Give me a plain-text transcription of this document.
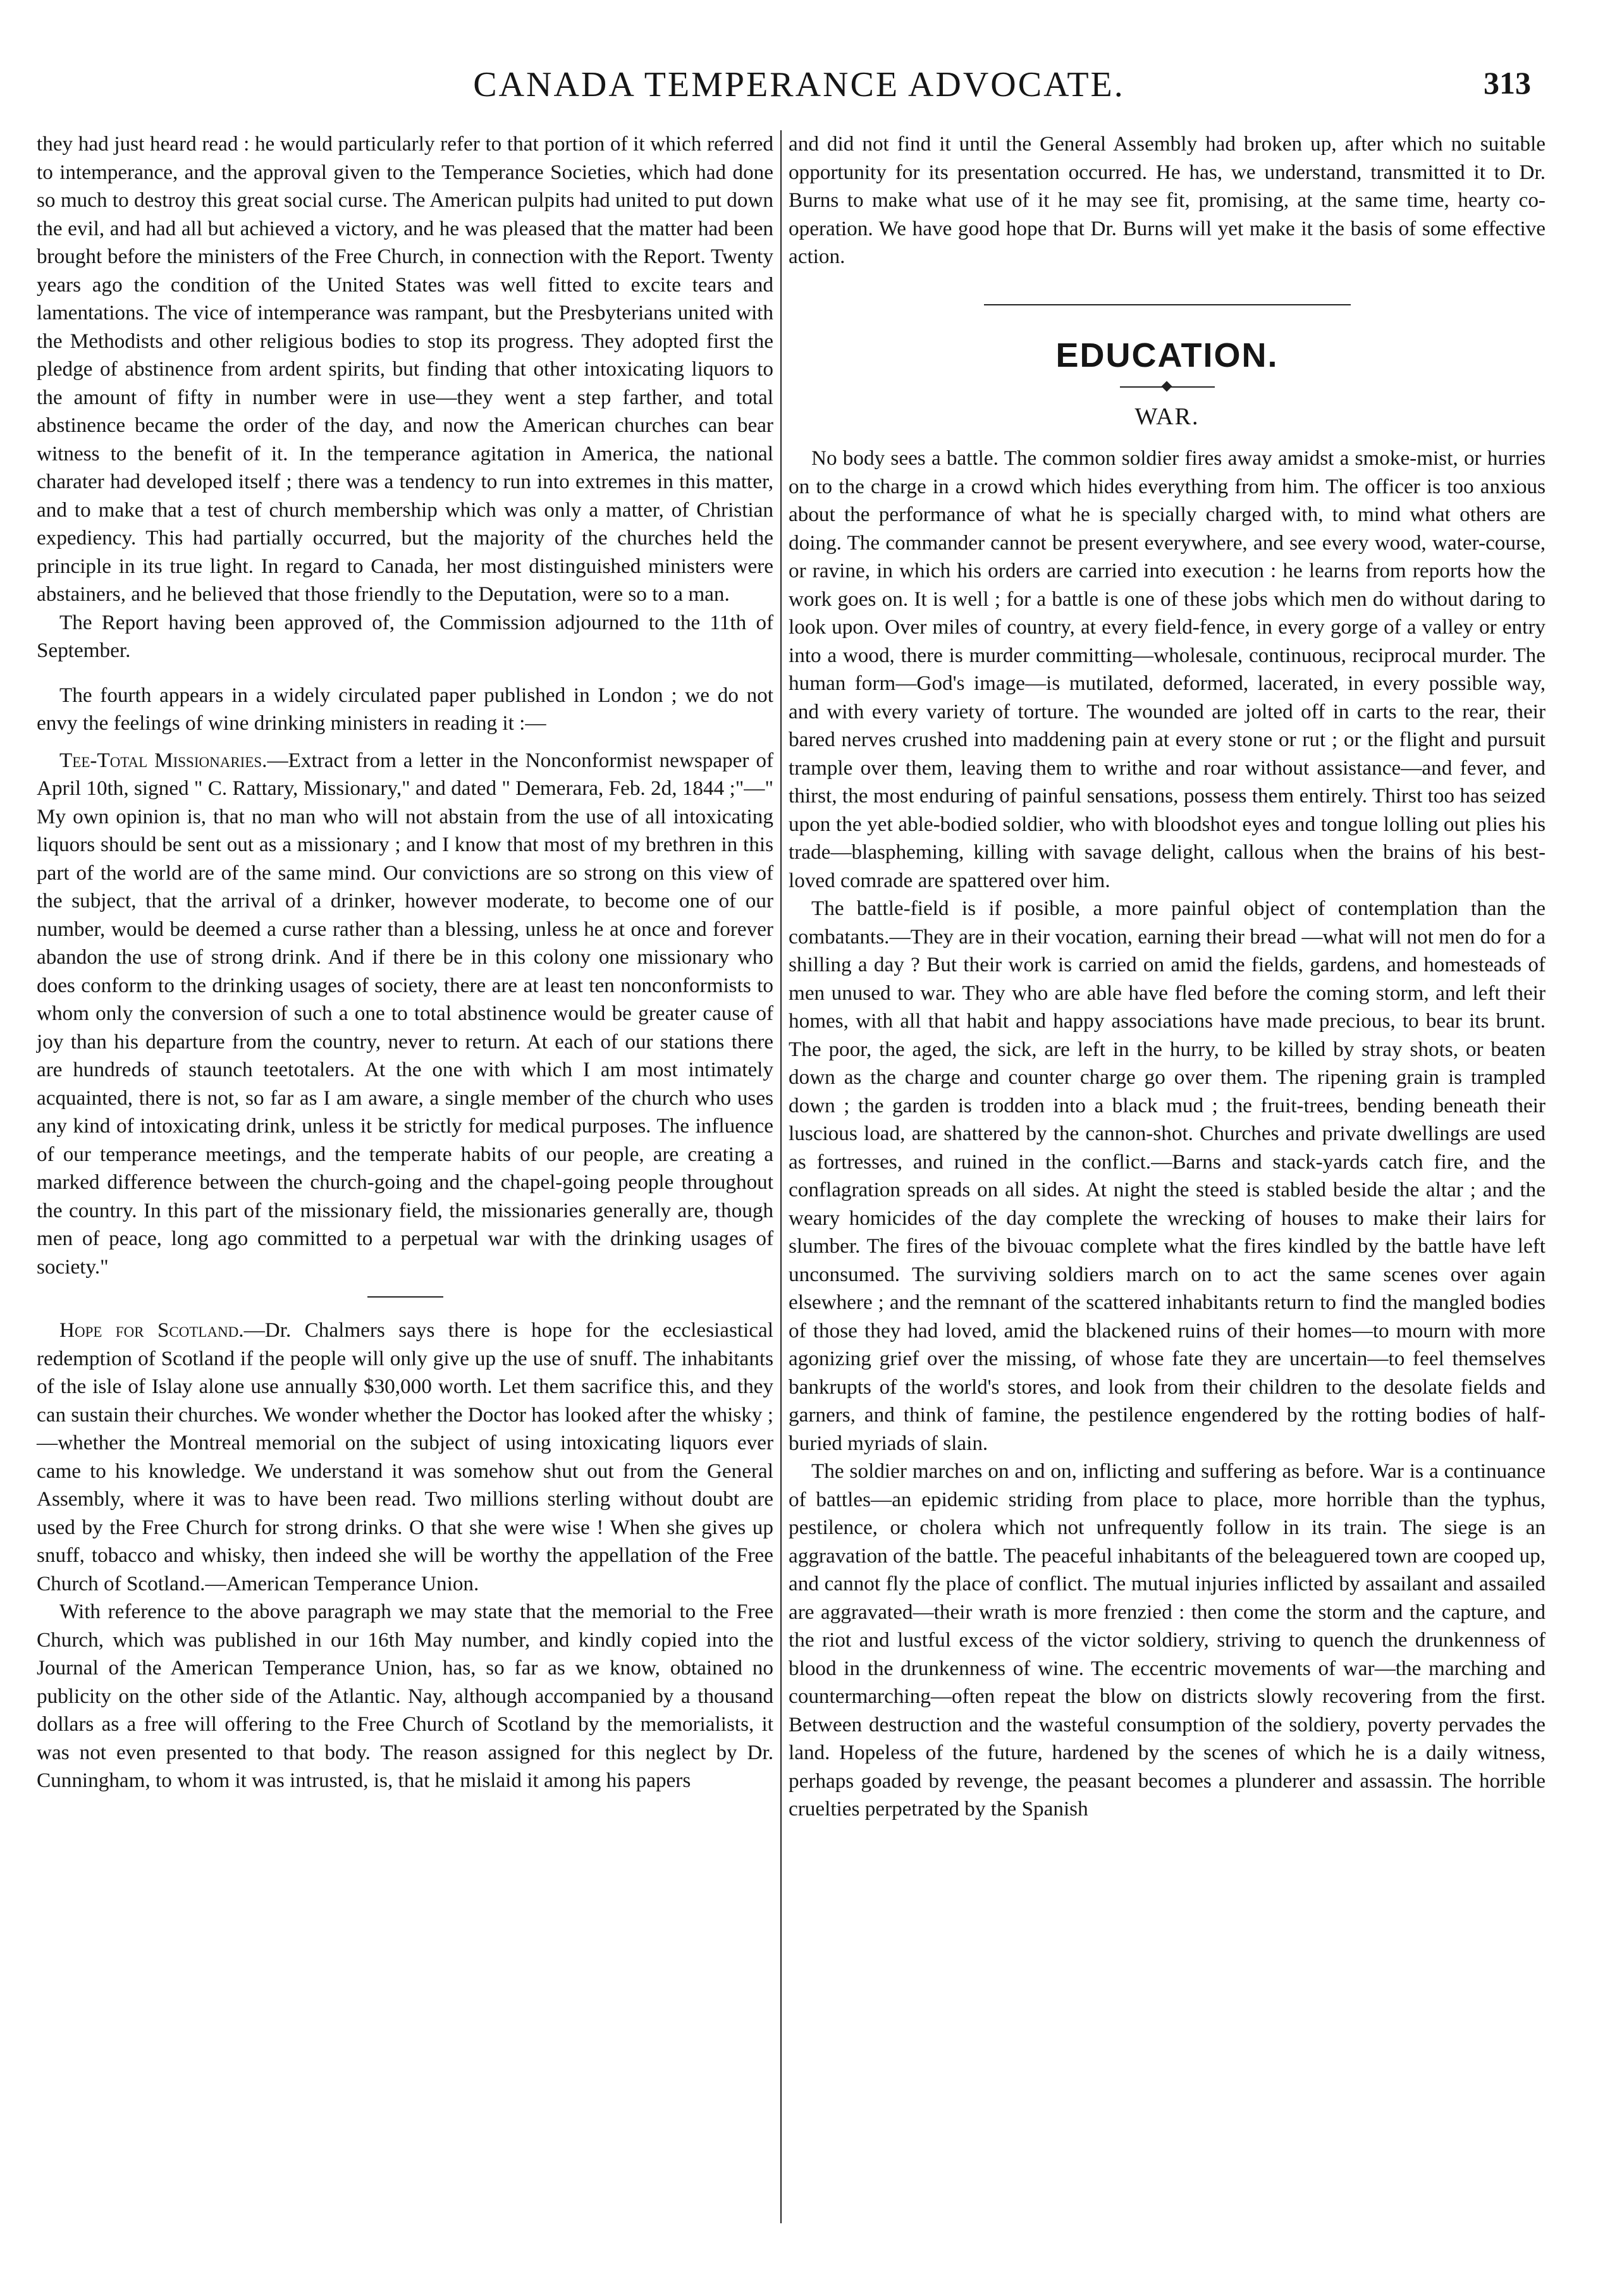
CANADA TEMPERANCE ADVOCATE.	313

they had just heard read : he would particularly refer to that portion of it which referred to intemperance, and the approval given to the Temperance Societies, which had done so much to destroy this great social curse. The American pulpits had united to put down the evil, and had all but achieved a victory, and he was pleased that the matter had been brought before the ministers of the Free Church, in connection with the Report. Twenty years ago the condition of the United States was well fitted to excite tears and lamentations. The vice of intemperance was rampant, but the Presbyterians united with the Methodists and other religious bodies to stop its progress. They adopted first the pledge of abstinence from ardent spirits, but finding that other intoxicating liquors to the amount of fifty in number were in use—they went a step farther, and total abstinence became the order of the day, and now the American churches can bear witness to the benefit of it. In the temperance agitation in America, the national charater had developed itself ; there was a tendency to run into extremes in this matter, and to make that a test of church membership which was only a matter, of Christian expediency. This had partially occurred, but the majority of the churches held the principle in its true light. In regard to Canada, her most distinguished ministers were abstainers, and he believed that those friendly to the Deputation, were so to a man.

The Report having been approved of, the Commission adjourned to the 11th of September.

The fourth appears in a widely circulated paper published in London ; we do not envy the feelings of wine drinking ministers in reading it :—

Tee-Total Missionaries.—Extract from a letter in the Nonconformist newspaper of April 10th, signed " C. Rattary, Missionary," and dated " Demerara, Feb. 2d, 1844 ;"—" My own opinion is, that no man who will not abstain from the use of all intoxicating liquors should be sent out as a missionary ; and I know that most of my brethren in this part of the world are of the same mind. Our convictions are so strong on this view of the subject, that the arrival of a drinker, however moderate, to become one of our number, would be deemed a curse rather than a blessing, unless he at once and forever abandon the use of strong drink. And if there be in this colony one missionary who does conform to the drinking usages of society, there are at least ten nonconformists to whom only the conversion of such a one to total abstinence would be greater cause of joy than his departure from the country, never to return. At each of our stations there are hundreds of staunch teetotalers. At the one with which I am most intimately acquainted, there is not, so far as I am aware, a single member of the church who uses any kind of intoxicating drink, unless it be strictly for medical purposes. The influence of our temperance meetings, and the temperate habits of our people, are creating a marked difference between the church-going and the chapel-going people throughout the country. In this part of the missionary field, the missionaries generally are, though men of peace, long ago committed to a perpetual war with the drinking usages of society."

Hope for Scotland.—Dr. Chalmers says there is hope for the ecclesiastical redemption of Scotland if the people will only give up the use of snuff. The inhabitants of the isle of Islay alone use annually $30,000 worth. Let them sacrifice this, and they can sustain their churches. We wonder whether the Doctor has looked after the whisky ;—whether the Montreal memorial on the subject of using intoxicating liquors ever came to his knowledge. We understand it was somehow shut out from the General Assembly, where it was to have been read. Two millions sterling without doubt are used by the Free Church for strong drinks. O that she were wise ! When she gives up snuff, tobacco and whisky, then indeed she will be worthy the appellation of the Free Church of Scotland.—American Temperance Union.

With reference to the above paragraph we may state that the memorial to the Free Church, which was published in our 16th May number, and kindly copied into the Journal of the American Temperance Union, has, so far as we know, obtained no publicity on the other side of the Atlantic. Nay, although accompanied by a thousand dollars as a free will offering to the Free Church of Scotland by the memorialists, it was not even presented to that body. The reason assigned for this neglect by Dr. Cunningham, to whom it was intrusted, is, that he mislaid it among his papers

and did not find it until the General Assembly had broken up, after which no suitable opportunity for its presentation occurred. He has, we understand, transmitted it to Dr. Burns to make what use of it he may see fit, promising, at the same time, hearty co-operation. We have good hope that Dr. Burns will yet make it the basis of some effective action.

EDUCATION.
WAR.

No body sees a battle. The common soldier fires away amidst a smoke-mist, or hurries on to the charge in a crowd which hides everything from him. The officer is too anxious about the performance of what he is specially charged with, to mind what others are doing. The commander cannot be present everywhere, and see every wood, water-course, or ravine, in which his orders are carried into execution : he learns from reports how the work goes on. It is well ; for a battle is one of these jobs which men do without daring to look upon. Over miles of country, at every field-fence, in every gorge of a valley or entry into a wood, there is murder committing—wholesale, continuous, reciprocal murder. The human form—God's image—is mutilated, deformed, lacerated, in every possible way, and with every variety of torture. The wounded are jolted off in carts to the rear, their bared nerves crushed into maddening pain at every stone or rut ; or the flight and pursuit trample over them, leaving them to writhe and roar without assistance—and fever, and thirst, the most enduring of painful sensations, possess them entirely. Thirst too has seized upon the yet able-bodied soldier, who with bloodshot eyes and tongue lolling out plies his trade—blaspheming, killing with savage delight, callous when the brains of his best-loved comrade are spattered over him.

The battle-field is if posible, a more painful object of contemplation than the combatants.—They are in their vocation, earning their bread —what will not men do for a shilling a day ? But their work is carried on amid the fields, gardens, and homesteads of men unused to war. They who are able have fled before the coming storm, and left their homes, with all that habit and happy associations have made precious, to bear its brunt. The poor, the aged, the sick, are left in the hurry, to be killed by stray shots, or beaten down as the charge and counter charge go over them. The ripening grain is trampled down ; the garden is trodden into a black mud ; the fruit-trees, bending beneath their luscious load, are shattered by the cannon-shot. Churches and private dwellings are used as fortresses, and ruined in the conflict.—Barns and stack-yards catch fire, and the conflagration spreads on all sides. At night the steed is stabled beside the altar ; and the weary homicides of the day complete the wrecking of houses to make their lairs for slumber. The fires of the bivouac complete what the fires kindled by the battle have left unconsumed. The surviving soldiers march on to act the same scenes over again elsewhere ; and the remnant of the scattered inhabitants return to find the mangled bodies of those they had loved, amid the blackened ruins of their homes—to mourn with more agonizing grief over the missing, of whose fate they are uncertain—to feel themselves bankrupts of the world's stores, and look from their children to the desolate fields and garners, and think of famine, the pestilence engendered by the rotting bodies of half-buried myriads of slain.

The soldier marches on and on, inflicting and suffering as before. War is a continuance of battles—an epidemic striding from place to place, more horrible than the typhus, pestilence, or cholera which not unfrequently follow in its train. The siege is an aggravation of the battle. The peaceful inhabitants of the beleaguered town are cooped up, and cannot fly the place of conflict. The mutual injuries inflicted by assailant and assailed are aggravated—their wrath is more frenzied : then come the storm and the capture, and the riot and lustful excess of the victor soldiery, striving to quench the drunkenness of blood in the drunkenness of wine. The eccentric movements of war—the marching and countermarching—often repeat the blow on districts slowly recovering from the first. Between destruction and the wasteful consumption of the soldiery, poverty pervades the land. Hopeless of the future, hardened by the scenes of which he is a daily witness, perhaps goaded by revenge, the peasant becomes a plunderer and assassin. The horrible cruelties perpetrated by the Spanish
